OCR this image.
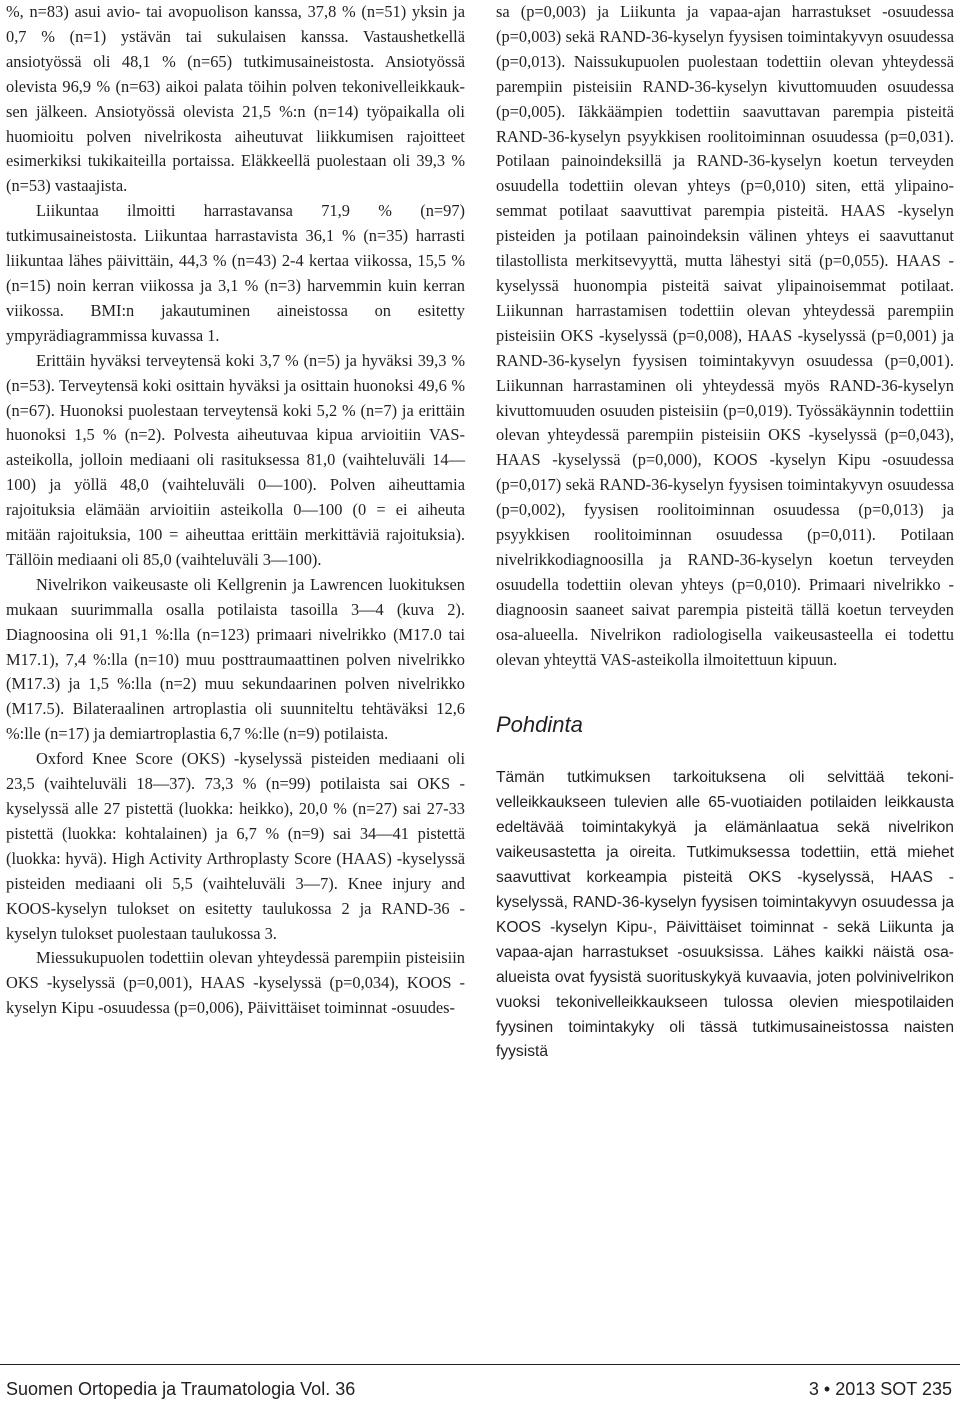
%, n=83) asui avio- tai avopuolison kanssa, 37,8 % (n=51) yksin ja 0,7 % (n=1) ystävän tai sukulaisen kanssa. Vastaushetkellä ansiotyössä oli 48,1 % (n=65) tutkimusaineistosta. Ansiotyössä olevista 96,9 % (n=63) aikoi palata töihin polven tekonivelleikkauksen jälkeen. Ansiotyössä olevista 21,5 %:n (n=14) työpaikalla oli huomioitu polven nivelrikosta aiheutuvat liikkumisen rajoitteet esimerkiksi tukikaiteilla portaissa. Eläkkeellä puolestaan oli 39,3 % (n=53) vastaajista.

Liikuntaa ilmoitti harrastavansa 71,9 % (n=97) tutkimusaineistosta. Liikuntaa harrastavista 36,1 % (n=35) harrasti liikuntaa lähes päivittäin, 44,3 % (n=43) 2-4 kertaa viikossa, 15,5 % (n=15) noin kerran viikossa ja 3,1 % (n=3) harvemmin kuin kerran viikossa. BMI:n jakautuminen aineistossa on esitetty ympyrädiagrammissa kuvassa 1.

Erittäin hyväksi terveytensä koki 3,7 % (n=5) ja hyväksi 39,3 % (n=53). Terveytensä koki osittain hyväksi ja osittain huonoksi 49,6 % (n=67). Huonoksi puolestaan terveytensä koki 5,2 % (n=7) ja erittäin huonoksi 1,5 % (n=2). Polvesta aiheutuvaa kipua arvioitiin VAS-asteikolla, jolloin mediaani oli rasituksessa 81,0 (vaihteluväli 14—100) ja yöllä 48,0 (vaihteluväli 0—100). Polven aiheuttamia rajoituksia elämään arvioitiin asteikolla 0—100 (0 = ei aiheuta mitään rajoituksia, 100 = aiheuttaa erittäin merkittäviä rajoituksia). Tällöin mediaani oli 85,0 (vaihteluväli 3—100).

Nivelrikon vaikeusaste oli Kellgrenin ja Lawrencen luokituksen mukaan suurimmalla osalla potilaista tasoilla 3—4 (kuva 2). Diagnoosina oli 91,1 %:lla (n=123) primaari nivelrikko (M17.0 tai M17.1), 7,4 %:lla (n=10) muu posttraumaattinen polven nivelrikko (M17.3) ja 1,5 %:lla (n=2) muu sekundaarinen polven nivelrikko (M17.5). Bilateraalinen artroplastia oli suunniteltu tehtäväksi 12,6 %:lle (n=17) ja demiartroplastia 6,7 %:lle (n=9) potilaista.

Oxford Knee Score (OKS) -kyselyssä pisteiden mediaani oli 23,5 (vaihteluväli 18—37). 73,3 % (n=99) potilaista sai OKS -kyselyssä alle 27 pistettä (luokka: heikko), 20,0 % (n=27) sai 27-33 pistettä (luokka: kohtalainen) ja 6,7 % (n=9) sai 34—41 pistettä (luokka: hyvä). High Activity Arthroplasty Score (HAAS) -kyselyssä pisteiden mediaani oli 5,5 (vaihteluväli 3—7). Knee injury and KOOS-kyselyn tulokset on esitetty taulukossa 2 ja RAND-36 -kyselyn tulokset puolestaan taulukossa 3.

Miessukupuolen todettiin olevan yhteydessä parempiin pisteisiin OKS -kyselyssä (p=0,001), HAAS -kyselyssä (p=0,034), KOOS -kyselyn Kipu -osuudessa (p=0,006), Päivittäiset toiminnat -osuudes-

sa (p=0,003) ja Liikunta ja vapaa-ajan harrastukset -osuudessa (p=0,003) sekä RAND-36-kyselyn fyysisen toimintakyvyn osuudessa (p=0,013). Naissukupuolen puolestaan todettiin olevan yhteydessä parempiin pisteisiin RAND-36-kyselyn kivuttomuuden osuudessa (p=0,005). Iäkkäämpien todettiin saavuttavan parempia pisteitä RAND-36-kyselyn psyykkisen roolitoiminnan osuudessa (p=0,031). Potilaan painoindeksillä ja RAND-36-kyselyn koetun terveyden osuudella todettiin olevan yhteys (p=0,010) siten, että ylipainosemmat potilaat saavuttivat parempia pisteitä. HAAS -kyselyn pisteiden ja potilaan painoindeksin välinen yhteys ei saavuttanut tilastollista merkitsevyyttä, mutta lähestyi sitä (p=0,055). HAAS -kyselyssä huonompia pisteitä saivat ylipainoisemmat potilaat. Liikunnan harrastamisen todettiin olevan yhteydessä parempiin pisteisiin OKS -kyselyssä (p=0,008), HAAS -kyselyssä (p=0,001) ja RAND-36-kyselyn fyysisen toimintakyvyn osuudessa (p=0,001). Liikunnan harrastaminen oli yhteydessä myös RAND-36-kyselyn kivuttomuuden osuuden pisteisiin (p=0,019). Työssäkäynnin todettiin olevan yhteydessä parempiin pisteisiin OKS -kyselyssä (p=0,043), HAAS -kyselyssä (p=0,000), KOOS -kyselyn Kipu -osuudessa (p=0,017) sekä RAND-36-kyselyn fyysisen toimintakyvyn osuudessa (p=0,002), fyysisen roolitoiminnan osuudessa (p=0,013) ja psyykkisen roolitoiminnan osuudessa (p=0,011). Potilaan nivelrikkodiagnoosilla ja RAND-36-kyselyn koetun terveyden osuudella todettiin olevan yhteys (p=0,010). Primaari nivelrikko -diagnoosin saaneet saivat parempia pisteitä tällä koetun terveyden osa-alueella. Nivelrikon radiologisella vaikeusasteella ei todettu olevan yhteyttä VAS-asteikolla ilmoitettuun kipuun.

Pohdinta

Tämän tutkimuksen tarkoituksena oli selvittää tekonivelleikkaukseen tulevien alle 65-vuotiaiden potilaiden leikkausta edeltävää toimintakykyä ja elämänlaatua sekä nivelrikon vaikeusastetta ja oireita. Tutkimuksessa todettiin, että miehet saavuttivat korkeampia pisteitä OKS -kyselyssä, HAAS -kyselyssä, RAND-36-kyselyn fyysisen toimintakyvyn osuudessa ja KOOS -kyselyn Kipu-, Päivittäiset toiminnat - sekä Liikunta ja vapaa-ajan harrastukset -osuuksissa. Lähes kaikki näistä osa-alueista ovat fyysistä suorituskykyä kuvaavia, joten polvinivelrikon vuoksi tekonivelleikkaukseen tulossa olevien miespotilaiden fyysinen toimintakyky oli tässä tutkimusaineistossa naisten fyysistä

Suomen Ortopedia ja Traumatologia Vol. 36	3 • 2013 SOT 235
